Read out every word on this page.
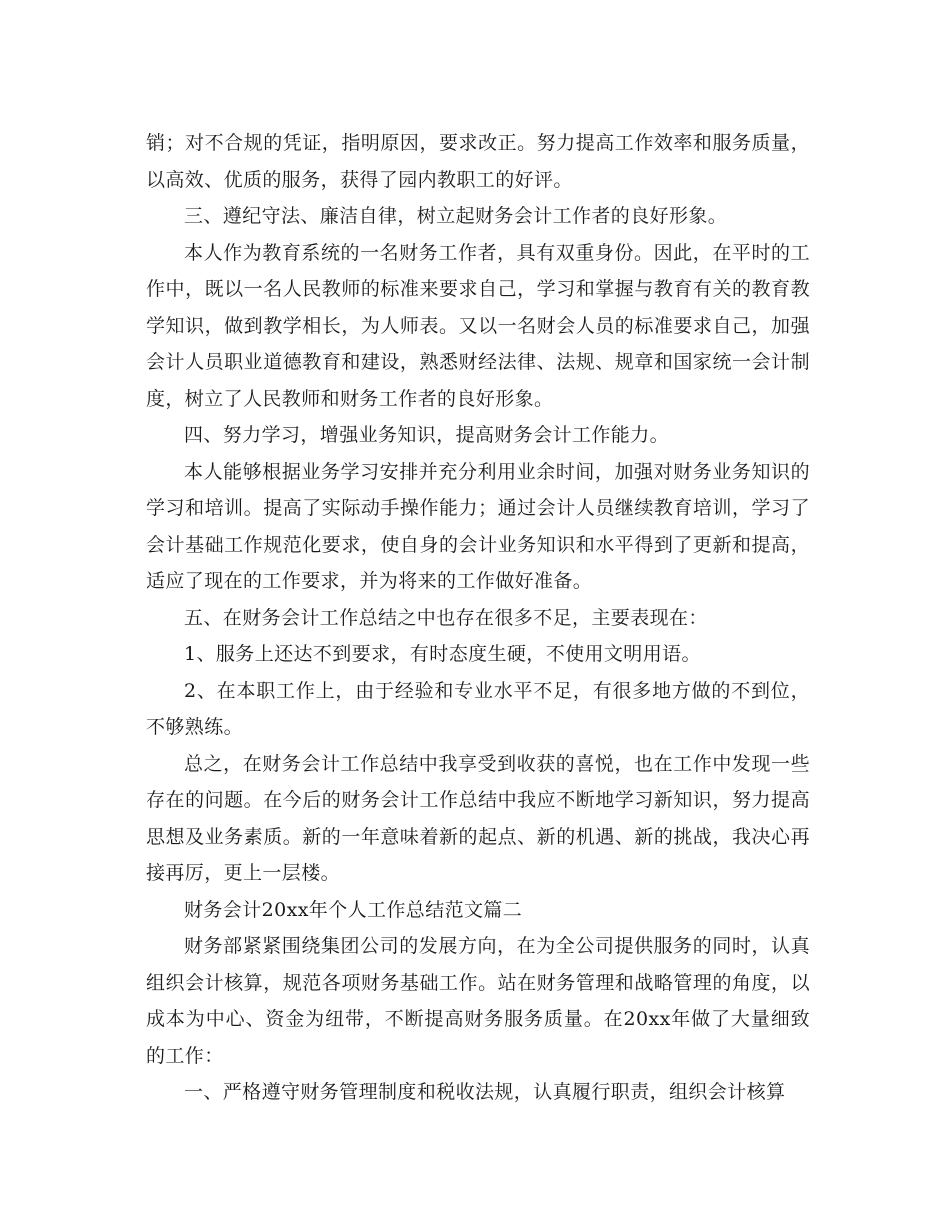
销；对不合规的凭证，指明原因，要求改正。努力提高工作效率和服务质量，以高效、优质的服务，获得了园内教职工的好评。

三、遵纪守法、廉洁自律，树立起财务会计工作者的良好形象。

本人作为教育系统的一名财务工作者，具有双重身份。因此，在平时的工作中，既以一名人民教师的标准来要求自己，学习和掌握与教育有关的教育教学知识，做到教学相长，为人师表。又以一名财会人员的标准要求自己，加强会计人员职业道德教育和建设，熟悉财经法律、法规、规章和国家统一会计制度，树立了人民教师和财务工作者的良好形象。

四、努力学习，增强业务知识，提高财务会计工作能力。

本人能够根据业务学习安排并充分利用业余时间，加强对财务业务知识的学习和培训。提高了实际动手操作能力；通过会计人员继续教育培训，学习了会计基础工作规范化要求，使自身的会计业务知识和水平得到了更新和提高，适应了现在的工作要求，并为将来的工作做好准备。

五、在财务会计工作总结之中也存在很多不足，主要表现在：

1、服务上还达不到要求，有时态度生硬，不使用文明用语。

2、在本职工作上，由于经验和专业水平不足，有很多地方做的不到位，不够熟练。

总之，在财务会计工作总结中我享受到收获的喜悦，也在工作中发现一些存在的问题。在今后的财务会计工作总结中我应不断地学习新知识，努力提高思想及业务素质。新的一年意味着新的起点、新的机遇、新的挑战，我决心再接再厉，更上一层楼。

财务会计20xx年个人工作总结范文篇二

财务部紧紧围绕集团公司的发展方向，在为全公司提供服务的同时，认真组织会计核算，规范各项财务基础工作。站在财务管理和战略管理的角度，以成本为中心、资金为纽带，不断提高财务服务质量。在20xx年做了大量细致的工作：

一、严格遵守财务管理制度和税收法规，认真履行职责，组织会计核算
